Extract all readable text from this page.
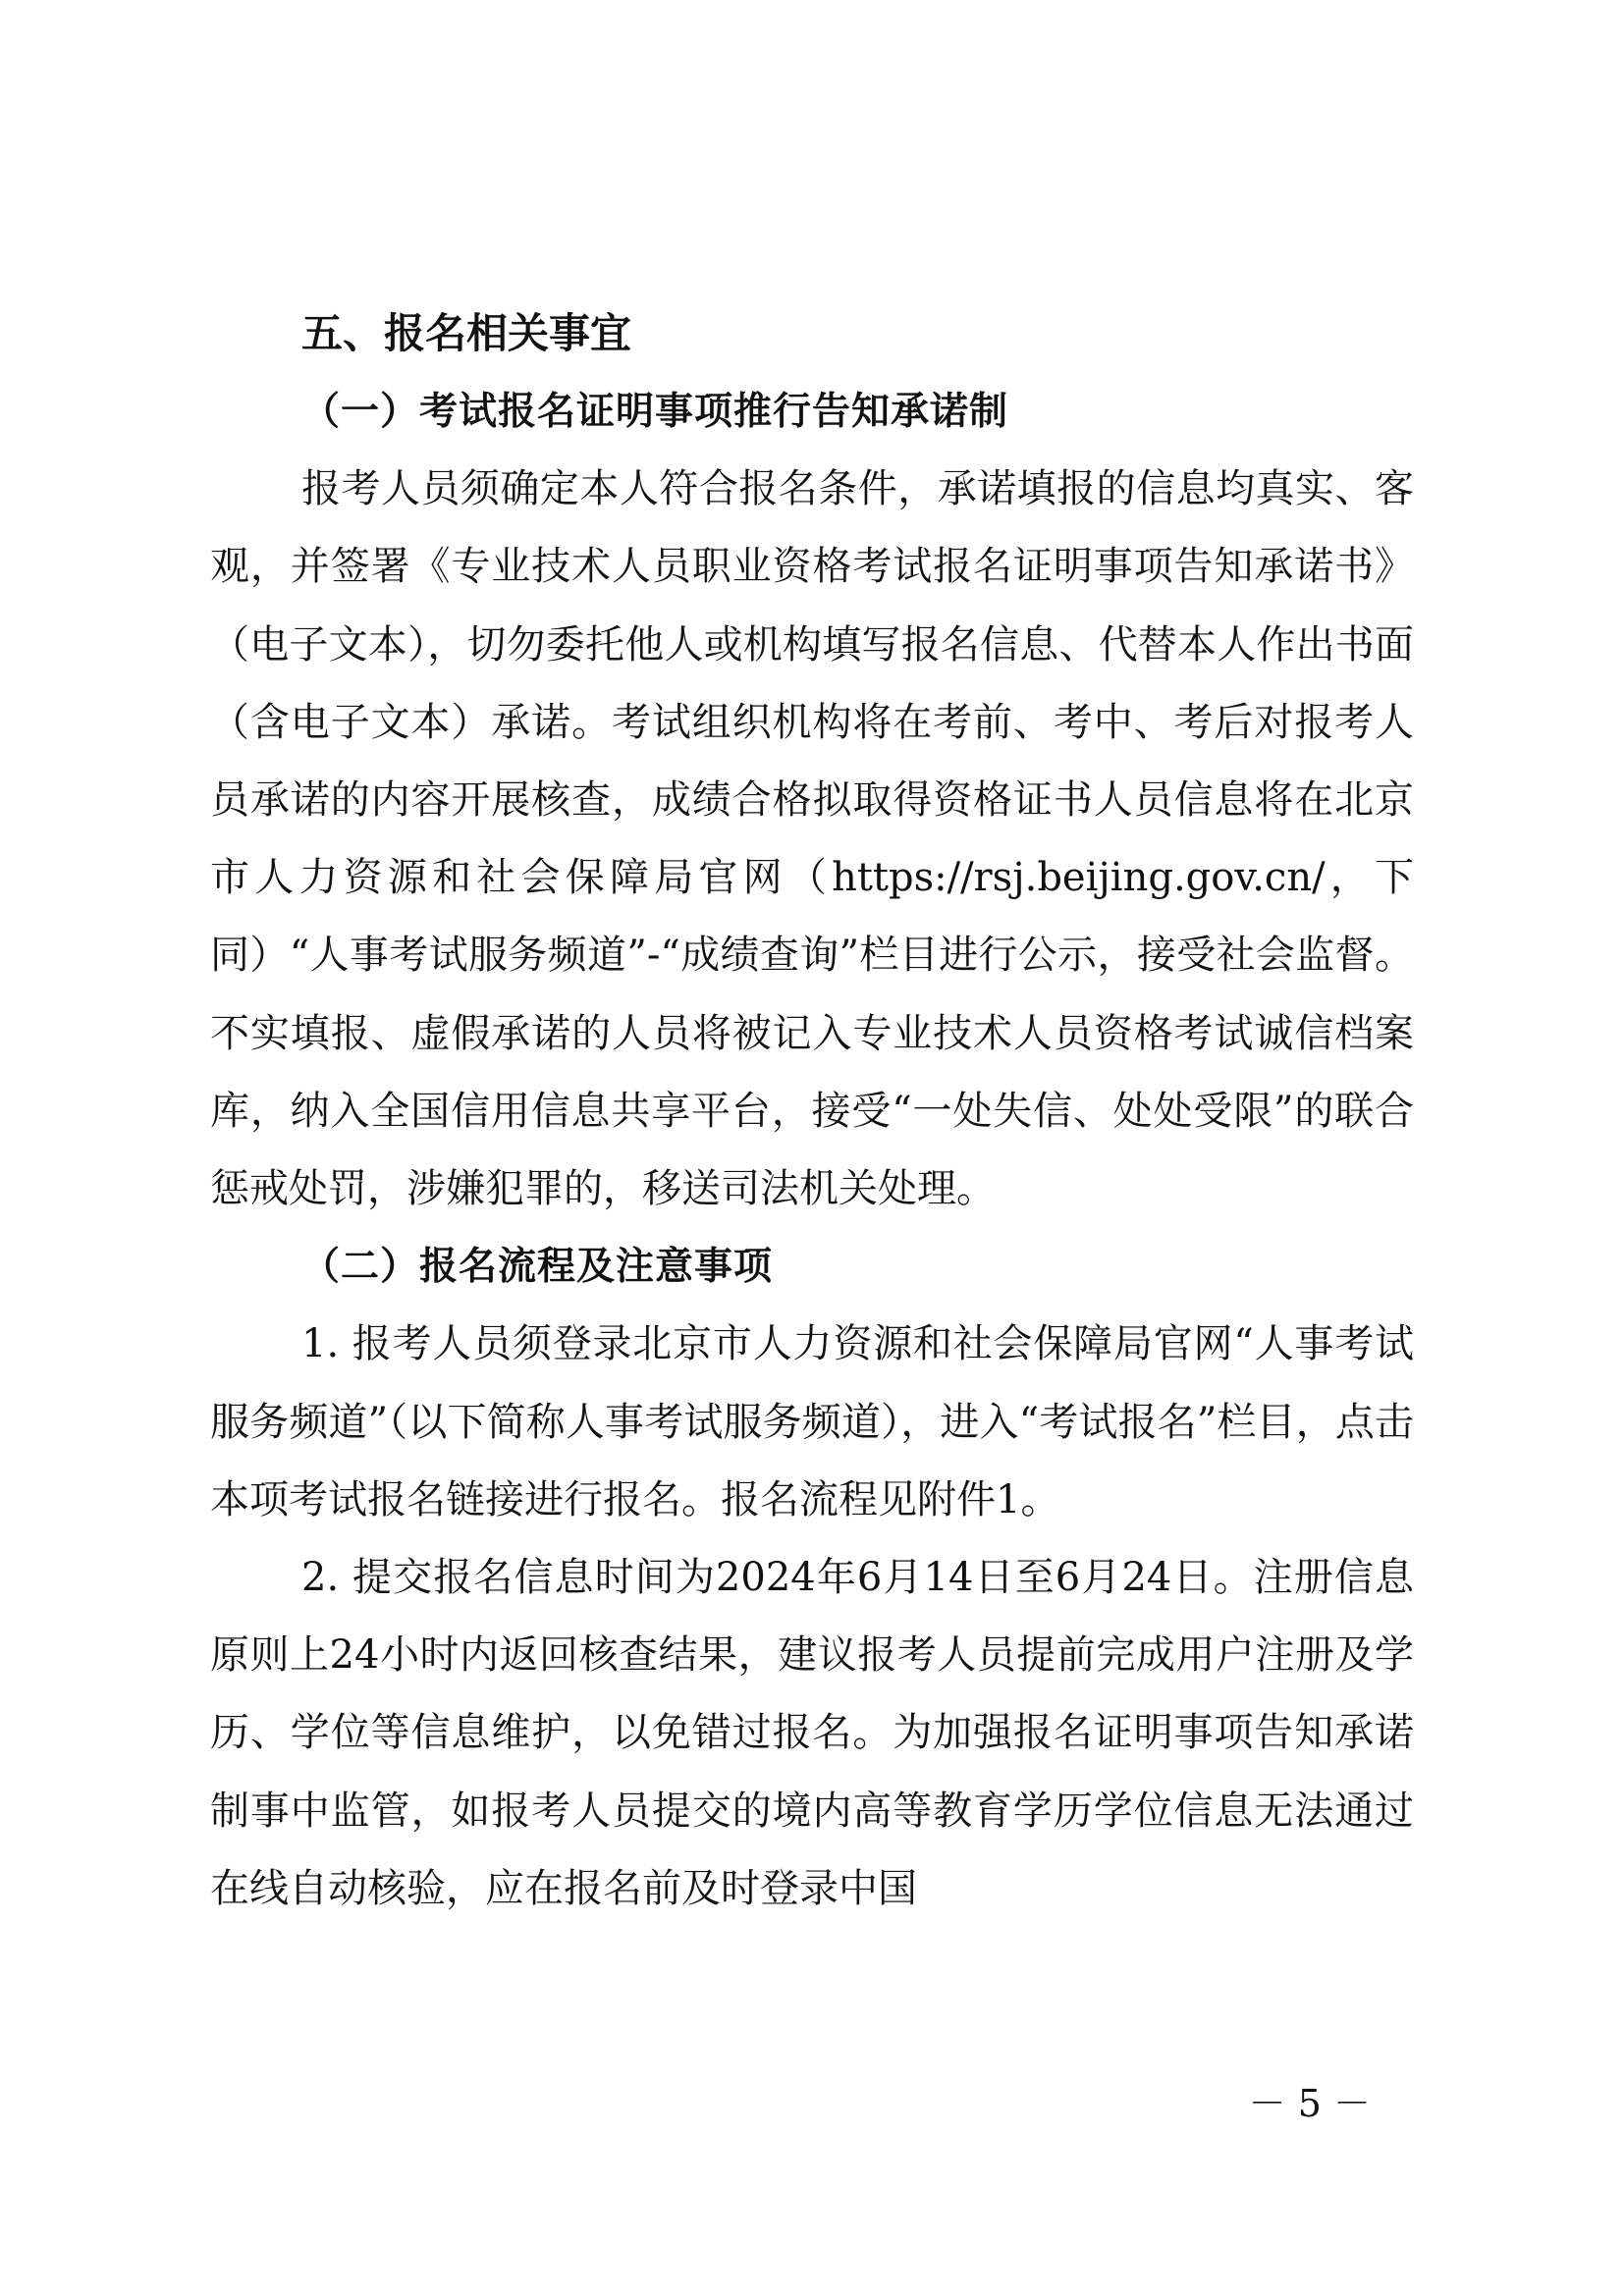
五、报名相关事宜
（一）考试报名证明事项推行告知承诺制

报考人员须确定本人符合报名条件，承诺填报的信息均真实、客观，并签署《专业技术人员职业资格考试报名证明事项告知承诺书》（电子文本），切勿委托他人或机构填写报名信息、代替本人作出书面（含电子文本）承诺。考试组织机构将在考前、考中、考后对报考人员承诺的内容开展核查，成绩合格拟取得资格证书人员信息将在北京市人力资源和社会保障局官网（https://rsj.beijing.gov.cn/，下同）“人事考试服务频道”-“成绩查询”栏目进行公示，接受社会监督。不实填报、虚假承诺的人员将被记入专业技术人员资格考试诚信档案库，纳入全国信用信息共享平台，接受“一处失信、处处受限”的联合惩戒处罚，涉嫌犯罪的，移送司法机关处理。

（二）报名流程及注意事项

1. 报考人员须登录北京市人力资源和社会保障局官网“人事考试服务频道”（以下简称人事考试服务频道），进入“考试报名”栏目，点击本项考试报名链接进行报名。报名流程见附件1。

2. 提交报名信息时间为2024年6月14日至6月24日。注册信息原则上24小时内返回核查结果，建议报考人员提前完成用户注册及学历、学位等信息维护，以免错过报名。为加强报名证明事项告知承诺制事中监管，如报考人员提交的境内高等教育学历学位信息无法通过在线自动核验，应在报名前及时登录中国

－ 5 －
